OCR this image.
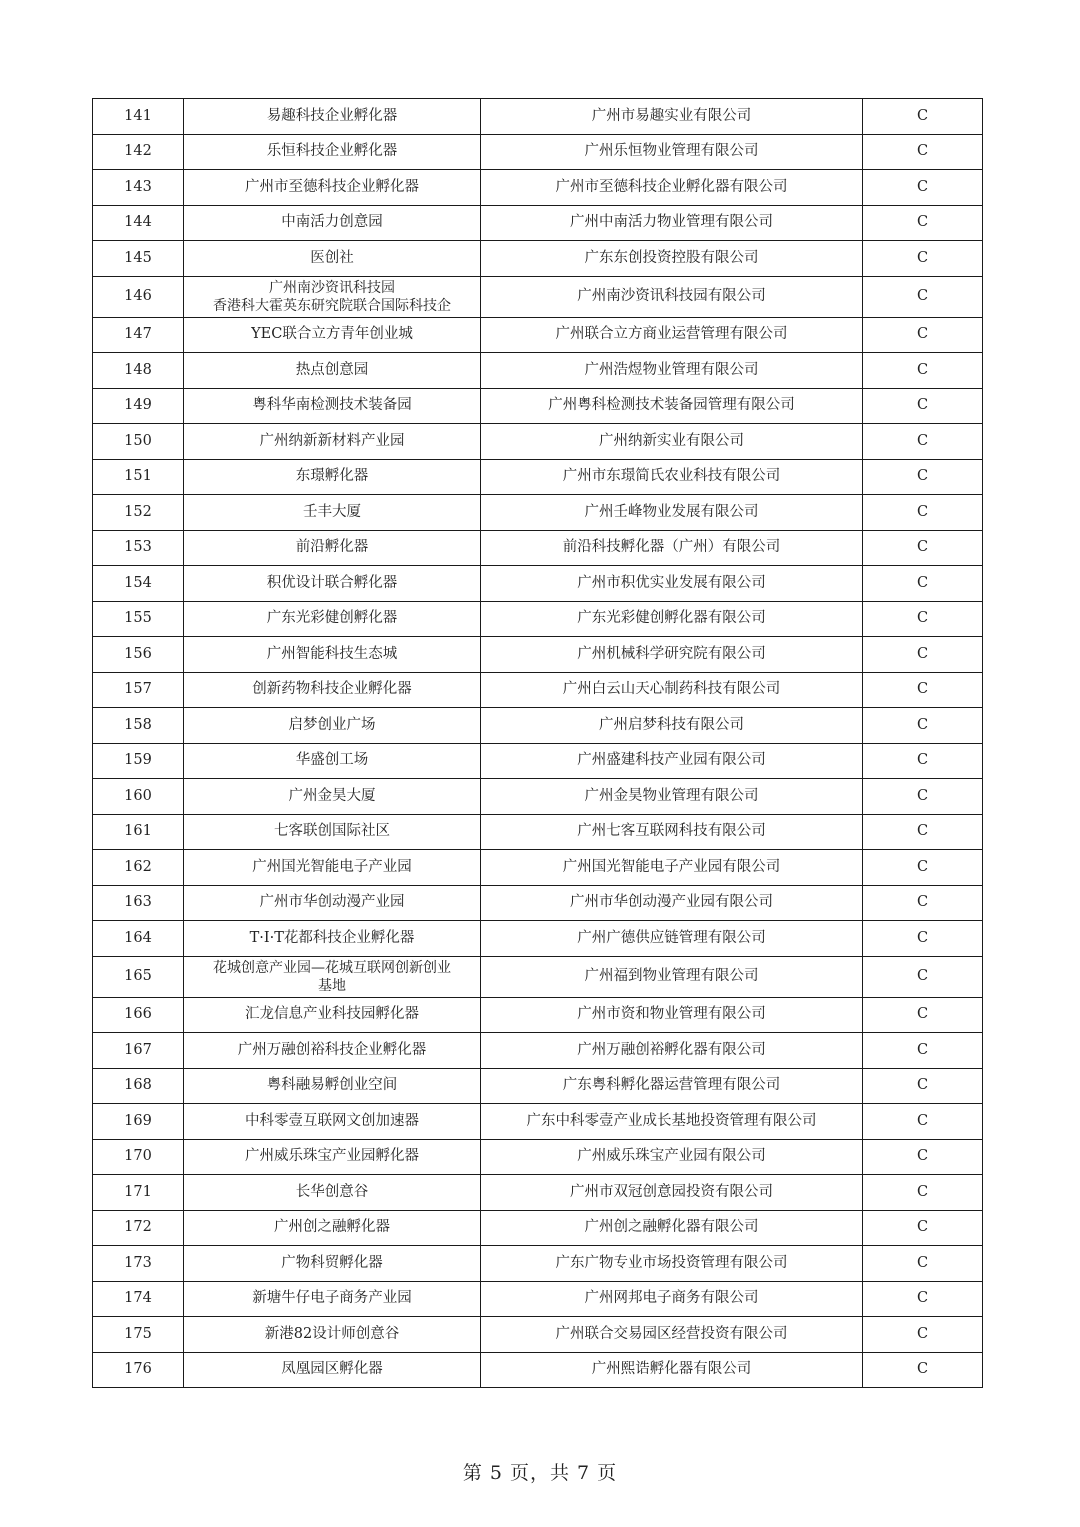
141	易趣科技企业孵化器	广州市易趣实业有限公司	C
142	乐恒科技企业孵化器	广州乐恒物业管理有限公司	C
143	广州市至德科技企业孵化器	广州市至德科技企业孵化器有限公司	C
144	中南活力创意园	广州中南活力物业管理有限公司	C
145	医创社	广东东创投资控股有限公司	C
146	广州南沙资讯科技园
香港科大霍英东研究院联合国际科技企	广州南沙资讯科技园有限公司	C
147	YEC联合立方青年创业城	广州联合立方商业运营管理有限公司	C
148	热点创意园	广州浩煜物业管理有限公司	C
149	粤科华南检测技术装备园	广州粤科检测技术装备园管理有限公司	C
150	广州纳新新材料产业园	广州纳新实业有限公司	C
151	东璟孵化器	广州市东璟简氏农业科技有限公司	C
152	壬丰大厦	广州壬峰物业发展有限公司	C
153	前沿孵化器	前沿科技孵化器（广州）有限公司	C
154	积优设计联合孵化器	广州市积优实业发展有限公司	C
155	广东光彩健创孵化器	广东光彩健创孵化器有限公司	C
156	广州智能科技生态城	广州机械科学研究院有限公司	C
157	创新药物科技企业孵化器	广州白云山天心制药科技有限公司	C
158	启梦创业广场	广州启梦科技有限公司	C
159	华盛创工场	广州盛建科技产业园有限公司	C
160	广州金昊大厦	广州金昊物业管理有限公司	C
161	七客联创国际社区	广州七客互联网科技有限公司	C
162	广州国光智能电子产业园	广州国光智能电子产业园有限公司	C
163	广州市华创动漫产业园	广州市华创动漫产业园有限公司	C
164	T·I·T花都科技企业孵化器	广州广德供应链管理有限公司	C
165	花城创意产业园—花城互联网创新创业
基地	广州福到物业管理有限公司	C
166	汇龙信息产业科技园孵化器	广州市资和物业管理有限公司	C
167	广州万融创裕科技企业孵化器	广州万融创裕孵化器有限公司	C
168	粤科融易孵创业空间	广东粤科孵化器运营管理有限公司	C
169	中科零壹互联网文创加速器	广东中科零壹产业成长基地投资管理有限公司	C
170	广州威乐珠宝产业园孵化器	广州威乐珠宝产业园有限公司	C
171	长华创意谷	广州市双冠创意园投资有限公司	C
172	广州创之融孵化器	广州创之融孵化器有限公司	C
173	广物科贸孵化器	广东广物专业市场投资管理有限公司	C
174	新塘牛仔电子商务产业园	广州网邦电子商务有限公司	C
175	新港82设计师创意谷	广州联合交易园区经营投资有限公司	C
176	凤凰园区孵化器	广州熙诰孵化器有限公司	C
第 5 页，共 7 页
